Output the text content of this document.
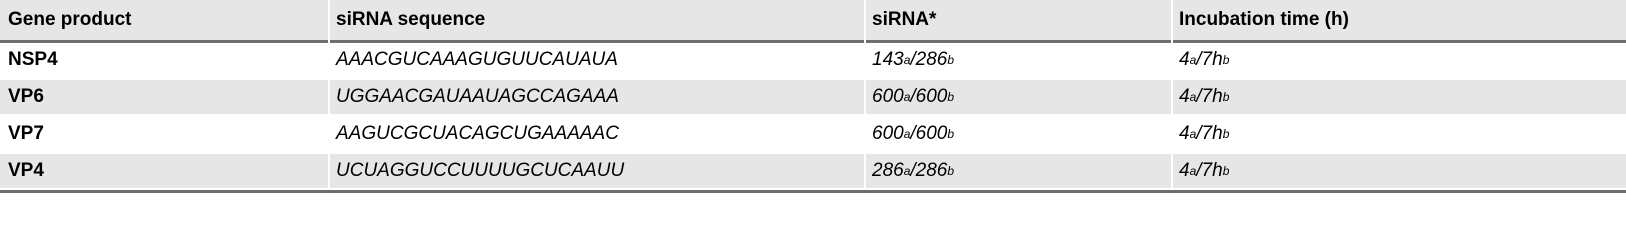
Gene product	siRNA sequence	siRNA*	Incubation time (h)
NSP4	AAACGUCAAAGUGUUCAUAUA	143 a / 286 b	4 a /7h b
VP6	UGGAACGAUAAUAGCCAGAAA	600 a / 600 b	4 a /7h b
VP7	AAGUCGCUACAGCUGAAAAAC	600 a / 600 b	4 a /7h b
VP4	UCUAGGUCCUUUUGCUCAAUU	286 a / 286 b	4 a /7h b
